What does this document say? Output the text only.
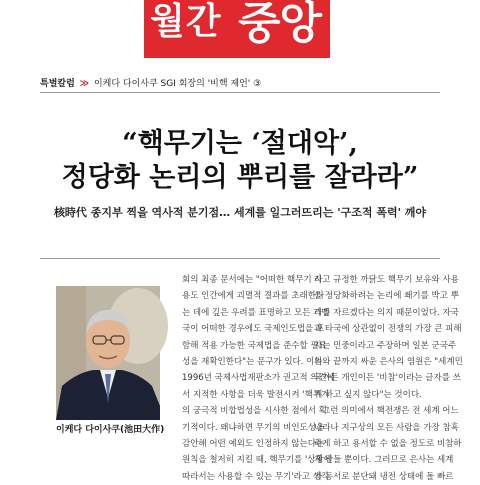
월간 중앙
특별칼럼 ≫ 이케다 다이사쿠 SGI 회장의 '비핵 제언' ③
“핵무기는 ‘절대악’,
정당화 논리의 뿌리를 잘라라”
核時代 종지부 찍을 역사적 분기점… 세계를 일그러뜨리는 '구조적 폭력' 깨야
이케다 다이사쿠(池田大作)
회의 최종 문서에는 "어떠한 핵무기 사
용도 인간에게 괴멸적 결과를 초래한다
는 데에 깊은 우려를 표명하고 모든 가맹
국이 어떠한 경우에도 국제인도법을 포
함해 적용 가능한 국제법을 준수할 필요
성을 재확인한다"는 문구가 있다. 이는
1996년 국제사법재판소가 권고적 의견에
서 지적한 사항을 더욱 발전시켜 '핵무기
의 궁극적 비합법성을 시사한 점에서 획
기적이다. 왜냐하면 무기의 비인도성을
감안해 어떤 예외도 인정하지 않는다는
원칙을 철저히 지킬 때, 핵무기를 '상황에
따라서는 사용할 수 있는 무기'라고 생각
라고 규정한 까닭도 핵무기 보유와 사용
을 정당화하려는 논리에 쐐기를 박고 뿌
리를 자르겠다는 의지 때문이었다. 자국
과 타국에 상관없이 전쟁의 가장 큰 피해
자는 민중이라고 주장하며 일본 군국주
의와 끝까지 싸운 은사의 염원은 "세계민
국가든 개인이든 '비참'이라는 글자를 쓰
게 하고 싶지 않다"는 것이다.
그런 의미에서 핵전쟁은 전 세계 어느
나라나 지구상의 모든 사람을 가장 참혹
하게 하고 용서할 수 없을 정도로 비참하
게 만들 뿐이다. 그러므로 은사는 세계
가 동서로 분단돼 냉전 상태에 돌 빠르
